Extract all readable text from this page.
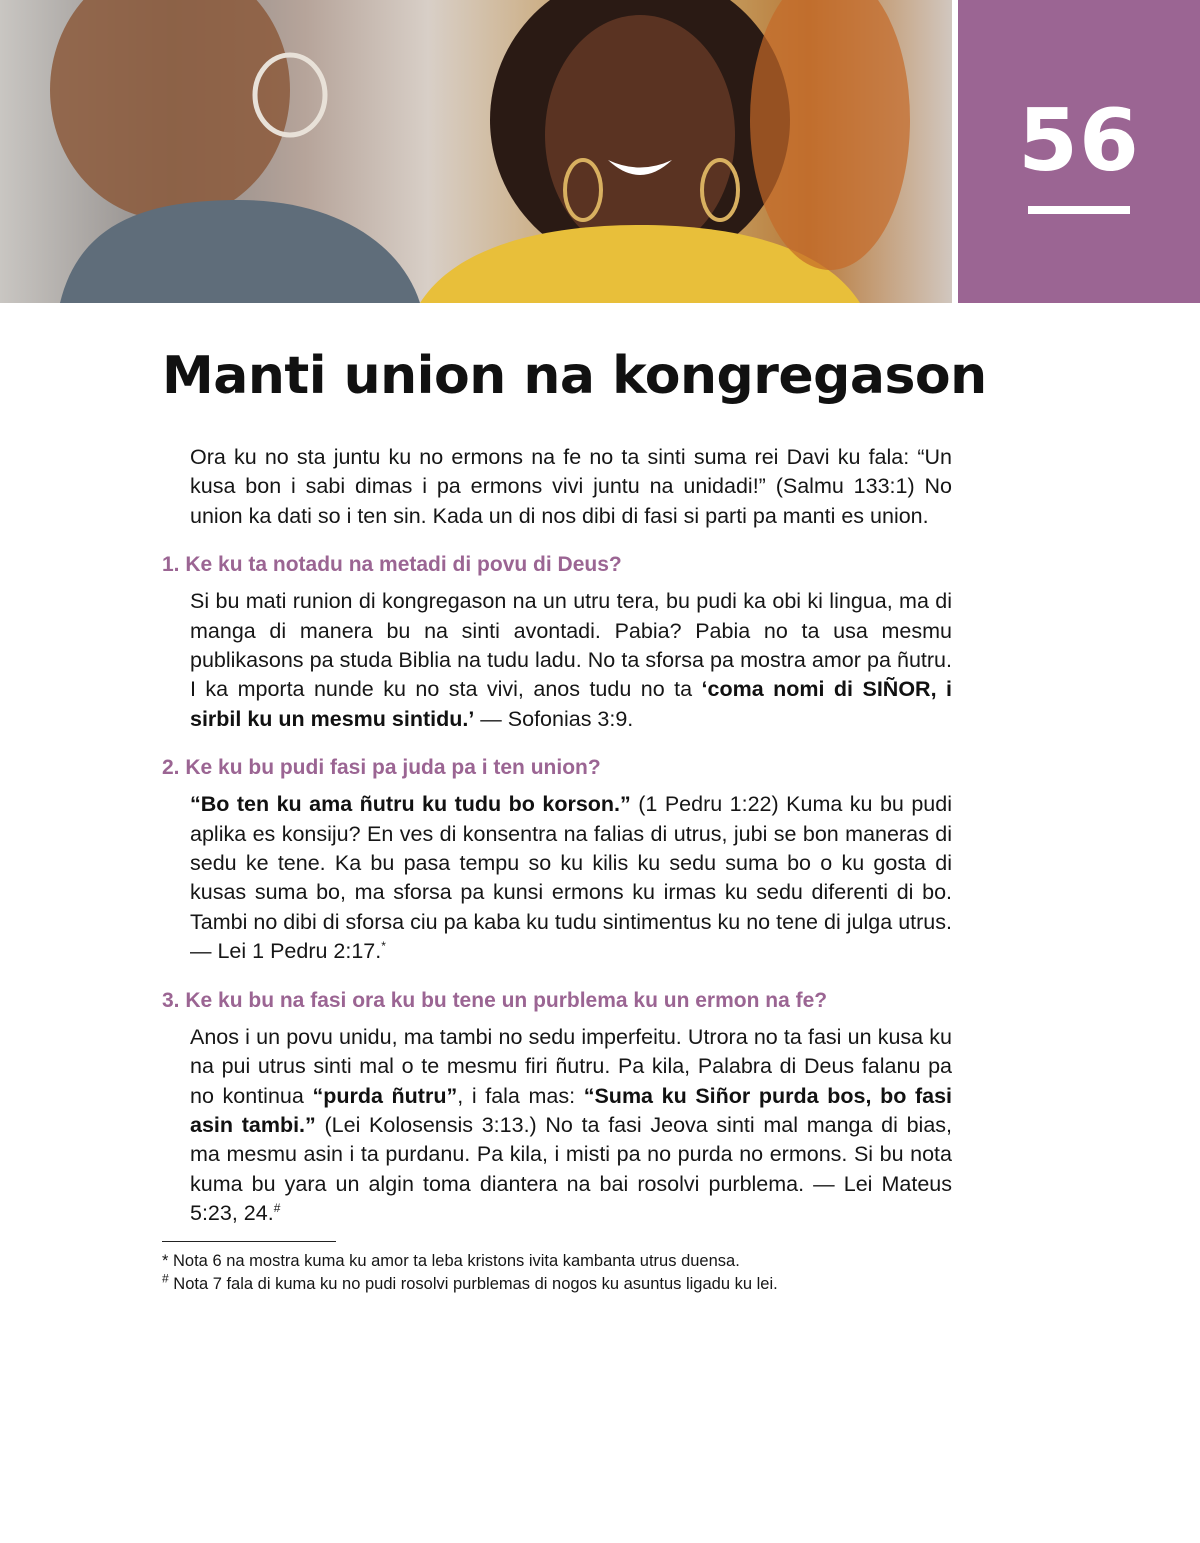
56
Manti union na kongregason

Ora ku no sta juntu ku no ermons na fe no ta sinti suma rei Davi ku fala: “Un kusa bon i sabi dimas i pa ermons vivi juntu na unidadi!” (Salmu 133:1) No union ka dati so i ten sin. Kada un di nos dibi di fasi si parti pa manti es union.

1. Ke ku ta notadu na metadi di povu di Deus?

Si bu mati runion di kongregason na un utru tera, bu pudi ka obi ki lingua, ma di manga di manera bu na sinti avontadi. Pabia? Pabia no ta usa mesmu publikasons pa studa Biblia na tudu ladu. No ta sforsa pa mostra amor pa ñutru. I ka mporta nunde ku no sta vivi, anos tudu no ta ‘coma nomi di SIÑOR, i sirbil ku un mesmu sintidu.’ — Sofonias 3:9.

2. Ke ku bu pudi fasi pa juda pa i ten union?

“Bo ten ku ama ñutru ku tudu bo korson.” (1 Pedru 1:22) Kuma ku bu pudi aplika es konsiju? En ves di konsentra na falias di utrus, jubi se bon maneras di sedu ke tene. Ka bu pasa tempu so ku kilis ku sedu suma bo o ku gosta di kusas suma bo, ma sforsa pa kunsi ermons ku irmas ku sedu diferenti di bo. Tambi no dibi di sforsa ciu pa kaba ku tudu sintimentus ku no tene di julga utrus. — Lei 1 Pedru 2:17.*

3. Ke ku bu na fasi ora ku bu tene un purblema ku un ermon na fe?

Anos i un povu unidu, ma tambi no sedu imperfeitu. Utrora no ta fasi un kusa ku na pui utrus sinti mal o te mesmu firi ñutru. Pa kila, Palabra di Deus falanu pa no kontinua “purda ñutru”, i fala mas: “Suma ku Siñor purda bos, bo fasi asin tambi.” (Lei Kolosensis 3:13.) No ta fasi Jeova sinti mal manga di bias, ma mesmu asin i ta purdanu. Pa kila, i misti pa no purda no ermons. Si bu nota kuma bu yara un algin toma diantera na bai rosolvi purblema. — Lei Mateus 5:23, 24.#

* Nota 6 na mostra kuma ku amor ta leba kristons ivita kambanta utrus duensa.

# Nota 7 fala di kuma ku no pudi rosolvi purblemas di nogos ku asuntus ligadu ku lei.
